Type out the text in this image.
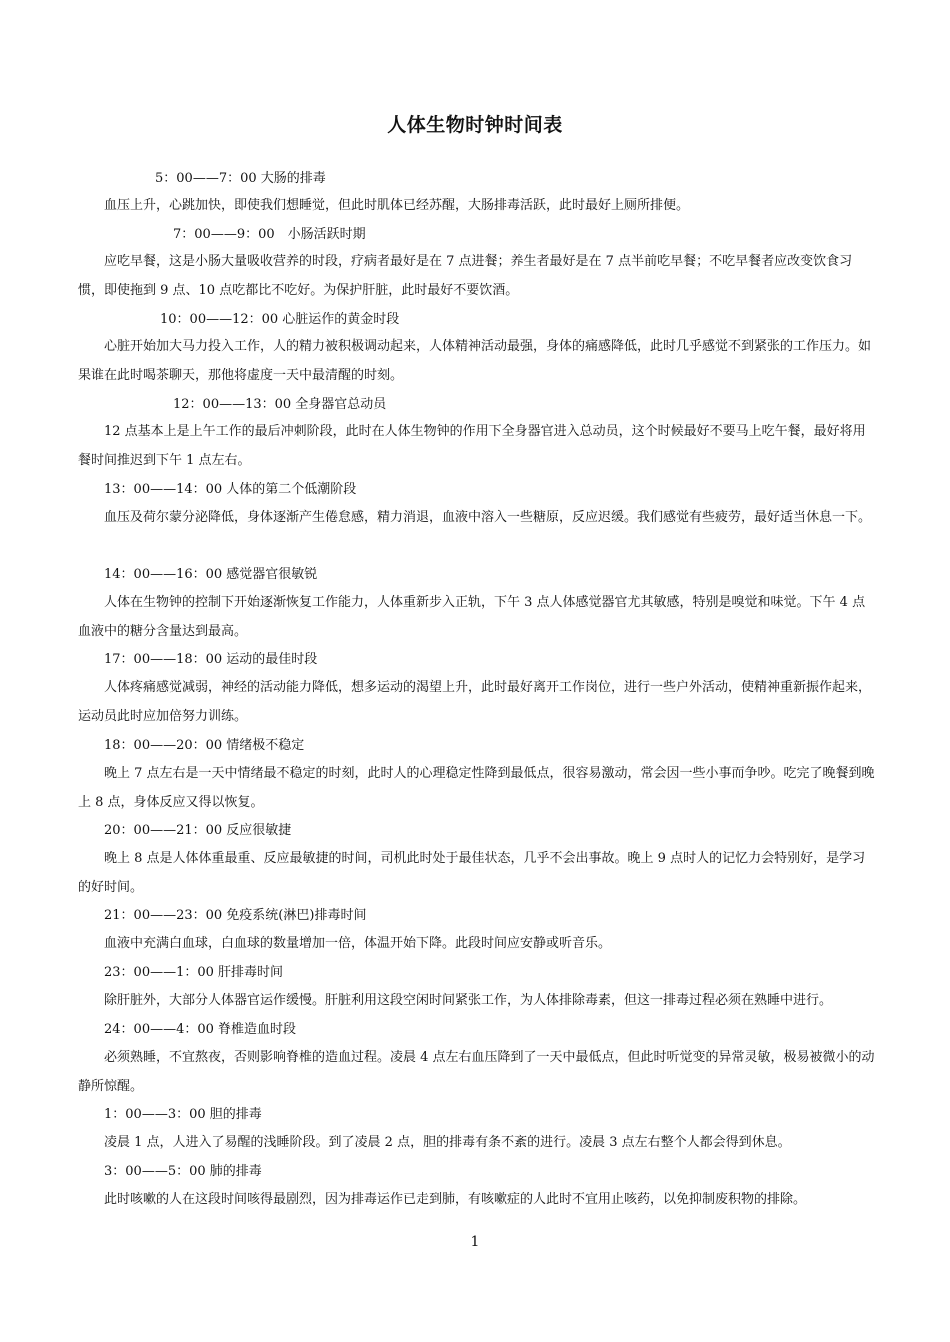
人体生物时钟时间表
5：00——7：00 大肠的排毒

血压上升，心跳加快，即使我们想睡觉，但此时肌体已经苏醒，大肠排毒活跃，此时最好上厕所排便。

7：00——9：00　小肠活跃时期

应吃早餐，这是小肠大量吸收营养的时段，疗病者最好是在 7 点进餐；养生者最好是在 7 点半前吃早餐；不吃早餐者应改变饮食习惯，即使拖到 9 点、10 点吃都比不吃好。为保护肝脏，此时最好不要饮酒。

10：00——12：00 心脏运作的黄金时段

心脏开始加大马力投入工作，人的精力被积极调动起来，人体精神活动最强，身体的痛感降低，此时几乎感觉不到紧张的工作压力。如果谁在此时喝茶聊天，那他将虚度一天中最清醒的时刻。

12：00——13：00 全身器官总动员

12 点基本上是上午工作的最后冲刺阶段，此时在人体生物钟的作用下全身器官进入总动员，这个时候最好不要马上吃午餐，最好将用餐时间推迟到下午 1 点左右。

13：00——14：00 人体的第二个低潮阶段

血压及荷尔蒙分泌降低，身体逐渐产生倦怠感，精力消退，血液中溶入一些糖原，反应迟缓。我们感觉有些疲劳，最好适当休息一下。

14：00——16：00 感觉器官很敏锐

人体在生物钟的控制下开始逐渐恢复工作能力，人体重新步入正轨，下午 3 点人体感觉器官尤其敏感，特别是嗅觉和味觉。下午 4 点血液中的糖分含量达到最高。

17：00——18：00 运动的最佳时段

人体疼痛感觉减弱，神经的活动能力降低，想多运动的渴望上升，此时最好离开工作岗位，进行一些户外活动，使精神重新振作起来，运动员此时应加倍努力训练。

18：00——20：00 情绪极不稳定

晚上 7 点左右是一天中情绪最不稳定的时刻，此时人的心理稳定性降到最低点，很容易激动，常会因一些小事而争吵。吃完了晚餐到晚上 8 点，身体反应又得以恢复。

20：00——21：00 反应很敏捷

晚上 8 点是人体体重最重、反应最敏捷的时间，司机此时处于最佳状态，几乎不会出事故。晚上 9 点时人的记忆力会特别好，是学习的好时间。

21：00——23：00 免疫系统(淋巴)排毒时间

血液中充满白血球，白血球的数量增加一倍，体温开始下降。此段时间应安静或听音乐。

23：00——1：00 肝排毒时间

除肝脏外，大部分人体器官运作缓慢。肝脏利用这段空闲时间紧张工作，为人体排除毒素，但这一排毒过程必须在熟睡中进行。

24：00——4：00 脊椎造血时段

必须熟睡，不宜熬夜，否则影响脊椎的造血过程。凌晨 4 点左右血压降到了一天中最低点，但此时听觉变的异常灵敏，极易被微小的动静所惊醒。

1：00——3：00 胆的排毒

凌晨 1 点，人进入了易醒的浅睡阶段。到了凌晨 2 点，胆的排毒有条不紊的进行。凌晨 3 点左右整个人都会得到休息。

3：00——5：00 肺的排毒

此时咳嗽的人在这段时间咳得最剧烈，因为排毒运作已走到肺，有咳嗽症的人此时不宜用止咳药，以免抑制废积物的排除。

1
